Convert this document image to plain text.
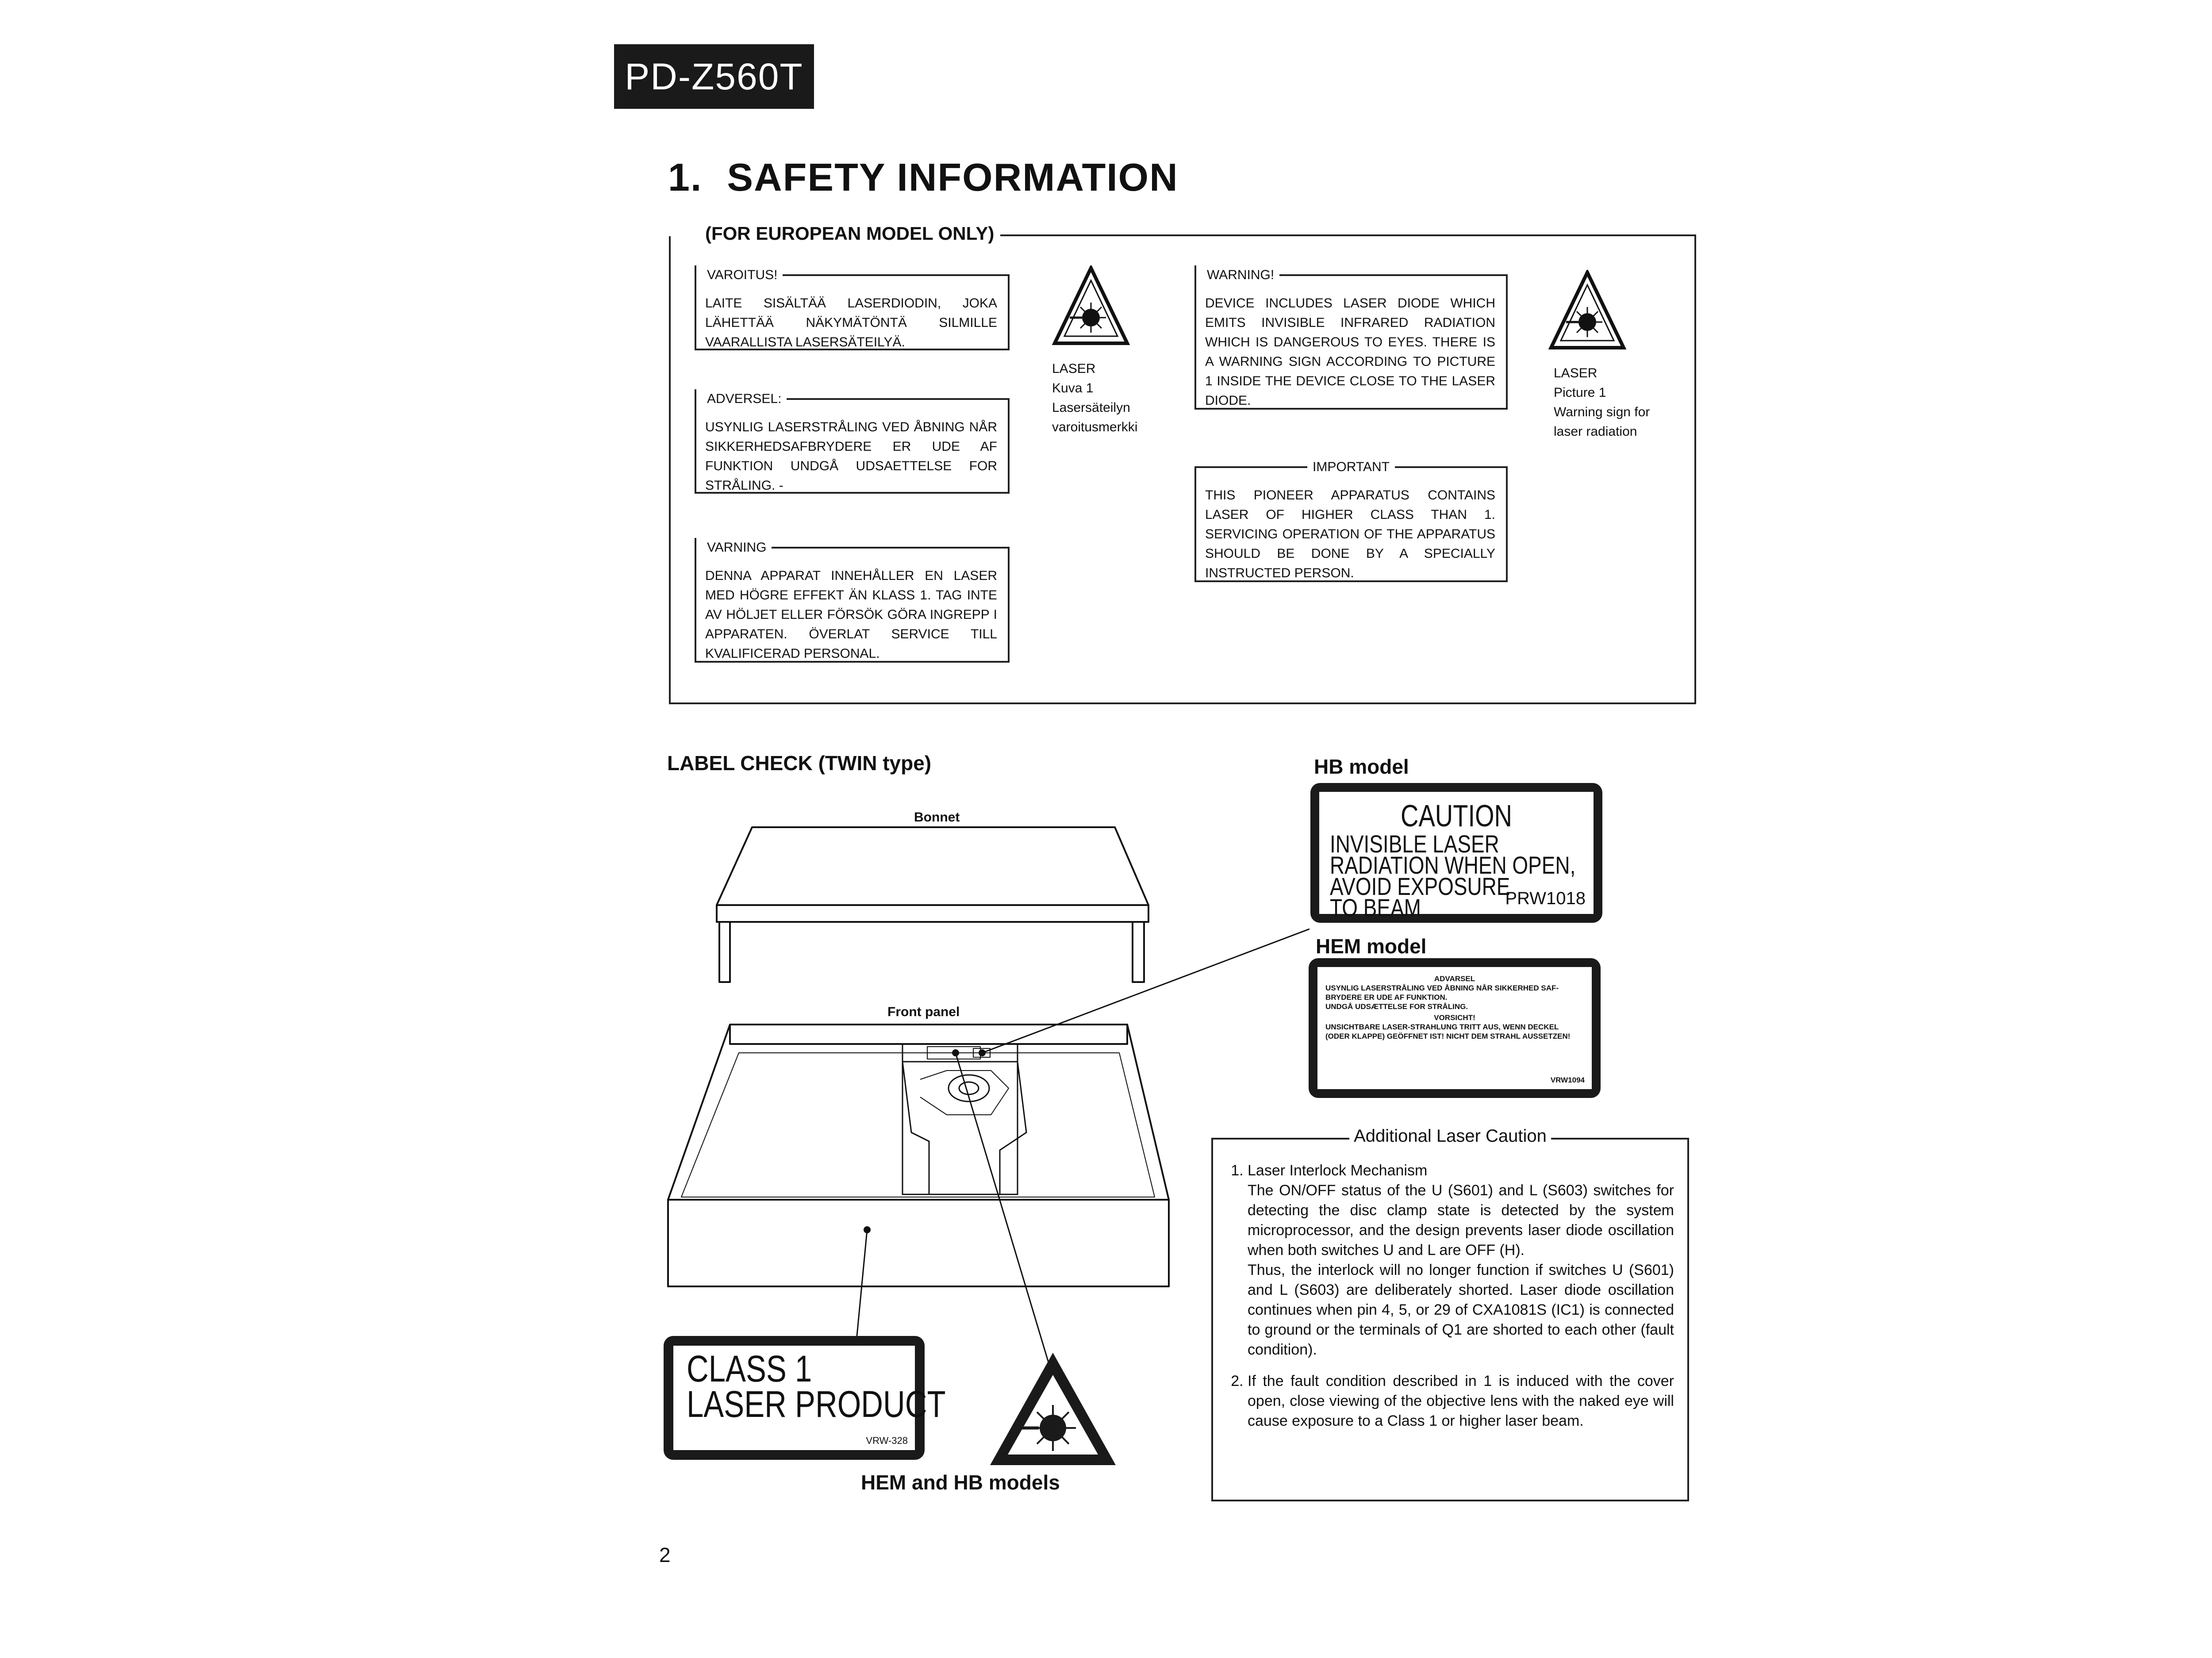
PD-Z560T
1. SAFETY INFORMATION
(FOR EUROPEAN MODEL ONLY)
VAROITUS!
LAITE SISÄLTÄÄ LASERDIODIN, JOKA LÄHETTÄÄ NÄKYMÄTÖNTÄ SILMILLE VAARALLISTA LASERSÄTEILYÄ.
ADVERSEL:
USYNLIG LASERSTRÅLING VED ÅBNING NÅR SIKKERHEDSAFBRYDERE ER UDE AF FUNKTION UNDGÅ UDSAETTELSE FOR STRÅLING. -
VARNING
DENNA APPARAT INNEHÅLLER EN LASER MED HÖGRE EFFEKT ÄN KLASS 1. TAG INTE AV HÖLJET ELLER FÖRSÖK GÖRA INGREPP I APPARATEN. ÖVERLAT SERVICE TILL KVALIFICERAD PERSONAL.
LASER
Kuva 1
Lasersäteilyn
varoitusmerkki
WARNING!
DEVICE INCLUDES LASER DIODE WHICH EMITS INVISIBLE INFRARED RADIATION WHICH IS DANGEROUS TO EYES. THERE IS A WARNING SIGN ACCORDING TO PICTURE 1 INSIDE THE DEVICE CLOSE TO THE LASER DIODE.
IMPORTANT
THIS PIONEER APPARATUS CONTAINS LASER OF HIGHER CLASS THAN 1. SERVICING OPERATION OF THE APPARATUS SHOULD BE DONE BY A SPECIALLY INSTRUCTED PERSON.
LASER
Picture 1
Warning sign for
laser radiation
LABEL CHECK (TWIN type)
Bonnet
Front panel
HB model
CAUTION
INVISIBLE LASER
RADIATION WHEN OPEN,
AVOID EXPOSURE
TO BEAM	PRW1018
HEM model
ADVARSEL
USYNLIG LASERSTRÅLING VED ÅBNING NÅR SIKKERHED SAF-
BRYDERE ER UDE AF FUNKTION.
UNDGÅ UDSÆTTELSE FOR STRÅLING.
VORSICHT!
UNSICHTBARE LASER-STRAHLUNG TRITT AUS, WENN DECKEL
(ODER KLAPPE) GEÖFFNET IST! NICHT DEM STRAHL AUSSETZEN!
VRW1094
CLASS 1
LASER PRODUCT
VRW-328
VRW-329
HEM and HB models
Additional Laser Caution

1. Laser Interlock Mechanism

The ON/OFF status of the U (S601) and L (S603) switches for detecting the disc clamp state is detected by the system microprocessor, and the design prevents laser diode oscillation when both switches U and L are OFF (H).

Thus, the interlock will no longer function if switches U (S601) and L (S603) are deliberately shorted. Laser diode oscillation continues when pin 4, 5, or 29 of CXA1081S (IC1) is connected to ground or the terminals of Q1 are shorted to each other (fault condition).

2. If the fault condition described in 1 is induced with the cover open, close viewing of the objective lens with the naked eye will cause exposure to a Class 1 or higher laser beam.

2
